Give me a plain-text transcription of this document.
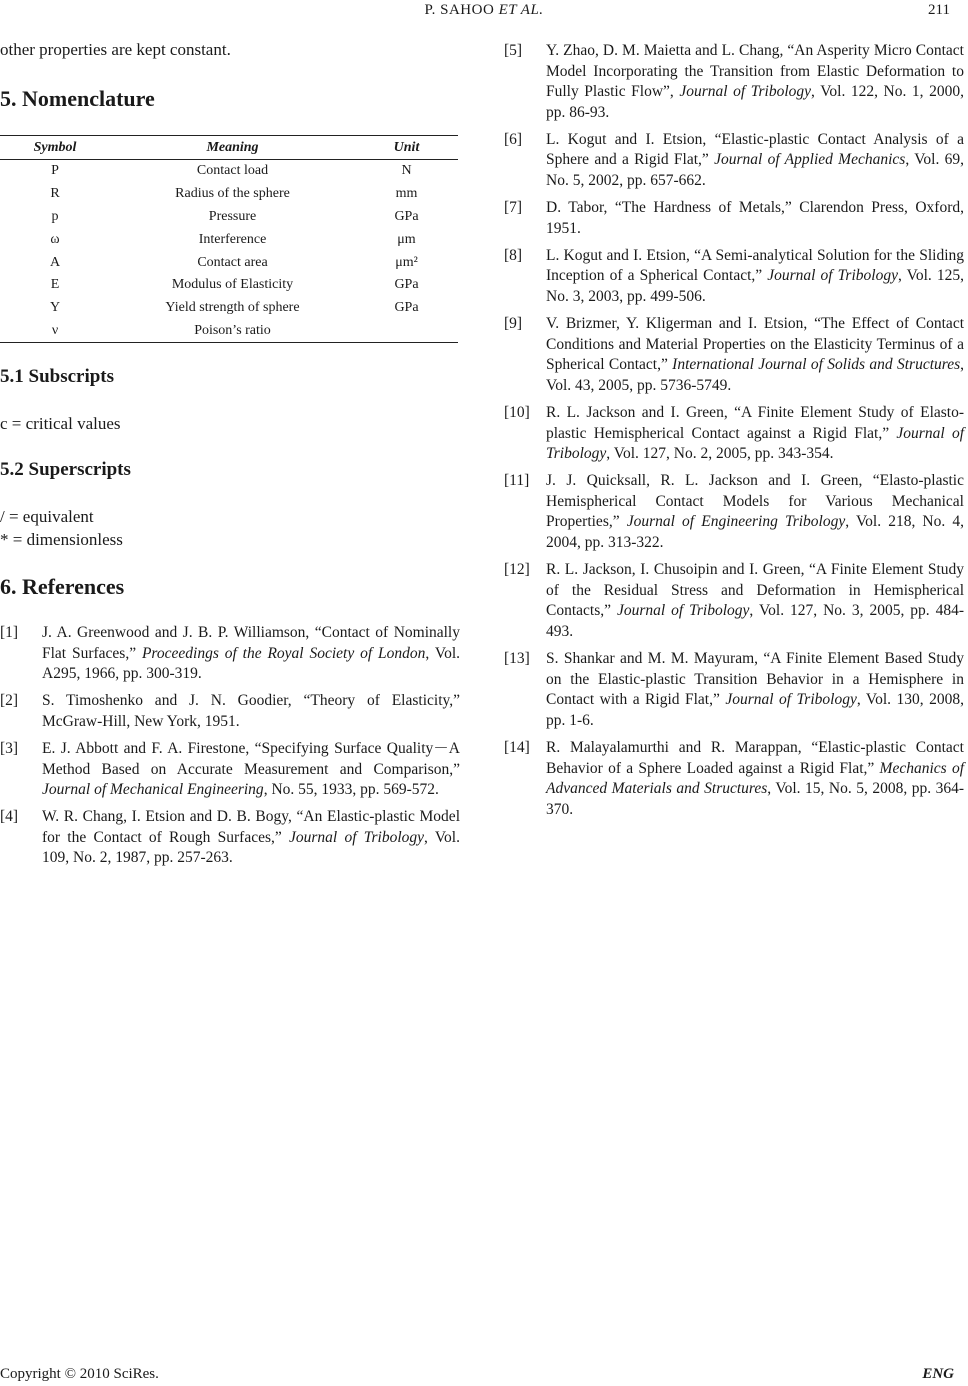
P. SAHOO ET AL.	211
other properties are kept constant.
5. Nomenclature
Symbol	Meaning	Unit
P	Contact load	N
R	Radius of the sphere	mm
p	Pressure	GPa
ω	Interference	μm
A	Contact area	μm²
E	Modulus of Elasticity	GPa
Y	Yield strength of sphere	GPa
ν	Poison’s ratio	
5.1 Subscripts
c = critical values
5.2 Superscripts
/ = equivalent
* = dimensionless
6. References
[1] J. A. Greenwood and J. B. P. Williamson, “Contact of Nominally Flat Surfaces,” Proceedings of the Royal Society of London, Vol. A295, 1966, pp. 300-319.
[2] S. Timoshenko and J. N. Goodier, “Theory of Elasticity,” McGraw-Hill, New York, 1951.
[3] E. J. Abbott and F. A. Firestone, “Specifying Surface Quality－A Method Based on Accurate Measurement and Comparison,” Journal of Mechanical Engineering, No. 55, 1933, pp. 569-572.
[4] W. R. Chang, I. Etsion and D. B. Bogy, “An Elastic-plastic Model for the Contact of Rough Surfaces,” Journal of Tribology, Vol. 109, No. 2, 1987, pp. 257-263.
[5] Y. Zhao, D. M. Maietta and L. Chang, “An Asperity Micro Contact Model Incorporating the Transition from Elastic Deformation to Fully Plastic Flow”, Journal of Tribology, Vol. 122, No. 1, 2000, pp. 86-93.
[6] L. Kogut and I. Etsion, “Elastic-plastic Contact Analysis of a Sphere and a Rigid Flat,” Journal of Applied Mechanics, Vol. 69, No. 5, 2002, pp. 657-662.
[7] D. Tabor, “The Hardness of Metals,” Clarendon Press, Oxford, 1951.
[8] L. Kogut and I. Etsion, “A Semi-analytical Solution for the Sliding Inception of a Spherical Contact,” Journal of Tribology, Vol. 125, No. 3, 2003, pp. 499-506.
[9] V. Brizmer, Y. Kligerman and I. Etsion, “The Effect of Contact Conditions and Material Properties on the Elasticity Terminus of a Spherical Contact,” International Journal of Solids and Structures, Vol. 43, 2005, pp. 5736-5749.
[10] R. L. Jackson and I. Green, “A Finite Element Study of Elasto-plastic Hemispherical Contact against a Rigid Flat,” Journal of Tribology, Vol. 127, No. 2, 2005, pp. 343-354.
[11] J. J. Quicksall, R. L. Jackson and I. Green, “Elasto-plastic Hemispherical Contact Models for Various Mechanical Properties,” Journal of Engineering Tribology, Vol. 218, No. 4, 2004, pp. 313-322.
[12] R. L. Jackson, I. Chusoipin and I. Green, “A Finite Element Study of the Residual Stress and Deformation in Hemispherical Contacts,” Journal of Tribology, Vol. 127, No. 3, 2005, pp. 484-493.
[13] S. Shankar and M. M. Mayuram, “A Finite Element Based Study on the Elastic-plastic Transition Behavior in a Hemisphere in Contact with a Rigid Flat,” Journal of Tribology, Vol. 130, 2008, pp. 1-6.
[14] R. Malayalamurthi and R. Marappan, “Elastic-plastic Contact Behavior of a Sphere Loaded against a Rigid Flat,” Mechanics of Advanced Materials and Structures, Vol. 15, No. 5, 2008, pp. 364-370.
Copyright © 2010 SciRes.	ENG
